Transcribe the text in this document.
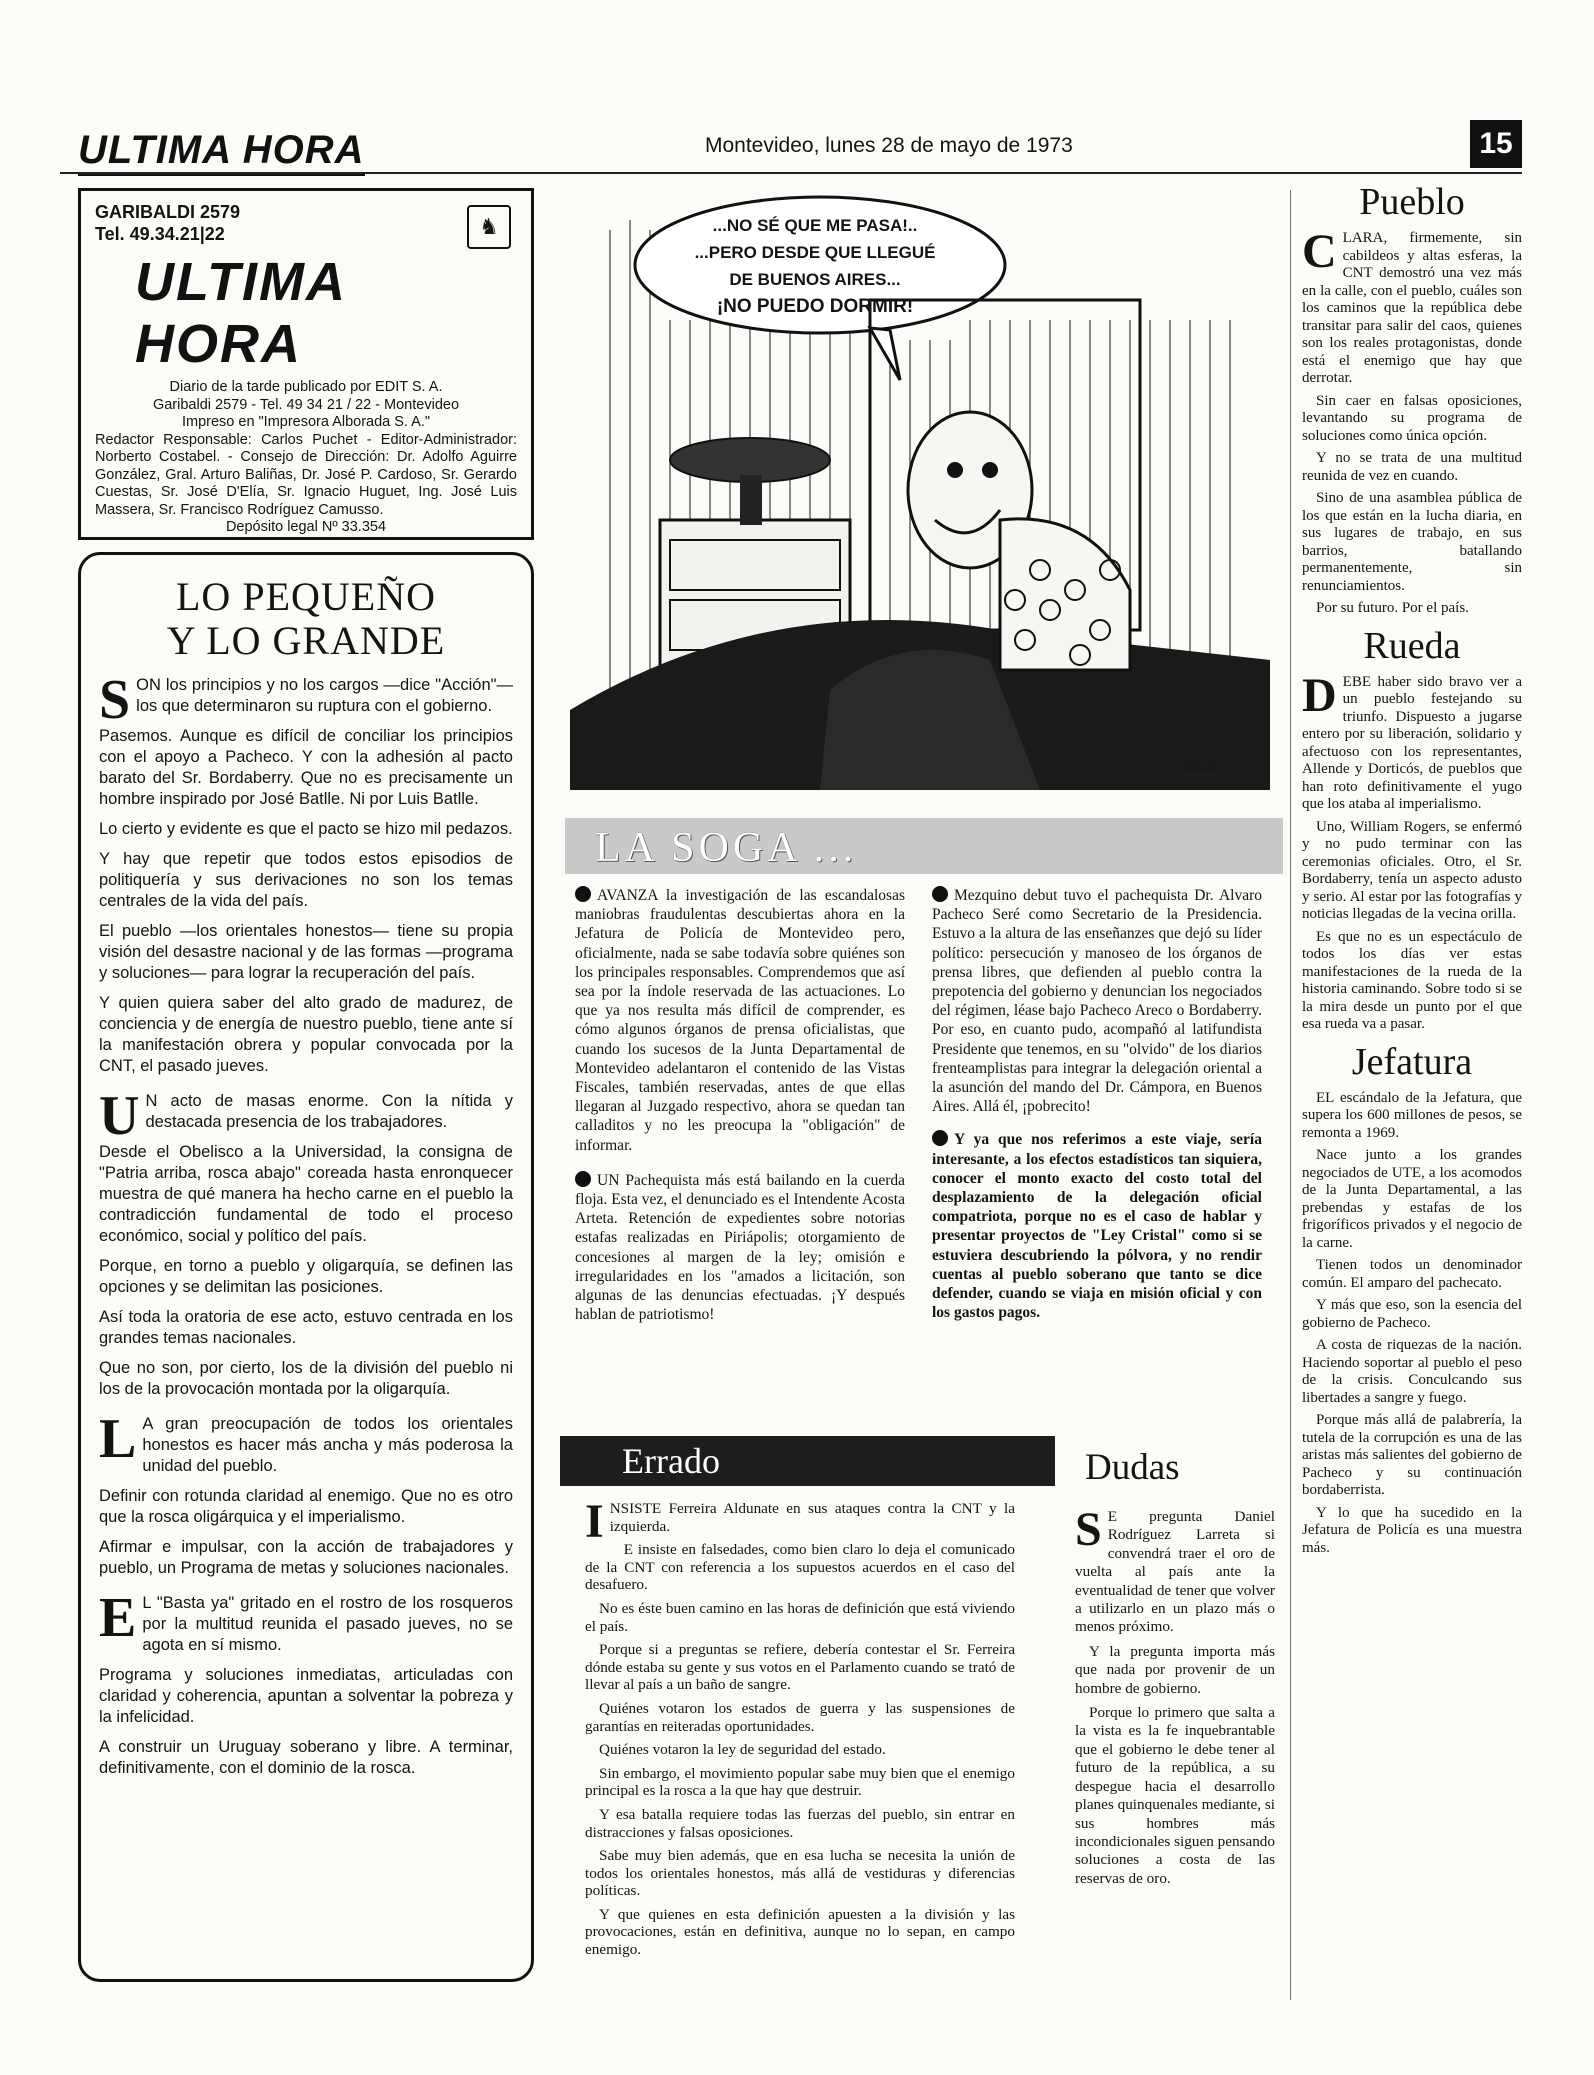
ULTIMA HORA	Montevideo, lunes 28 de mayo de 1973	15
GARIBALDI 2579
Tel. 49.34.21|22	♞
ULTIMA HORA
Diario de la tarde publicado por EDIT S. A.
Garibaldi 2579 - Tel. 49 34 21 / 22 - Montevideo
Impreso en "Impresora Alborada S. A."
Redactor Responsable: Carlos Puchet - Editor-Administrador: Norberto Costabel. - Consejo de Dirección: Dr. Adolfo Aguirre González, Gral. Arturo Baliñas, Dr. José P. Cardoso, Sr. Gerardo Cuestas, Sr. José D'Elía, Sr. Ignacio Huguet, Ing. José Luis Massera, Sr. Francisco Rodríguez Camusso.
Depósito legal Nº 33.354
LO PEQUEÑO
Y LO GRANDE

SON los principios y no los cargos —dice "Acción"— los que determinaron su ruptura con el gobierno.

Pasemos. Aunque es difícil de conciliar los principios con el apoyo a Pacheco. Y con la adhesión al pacto barato del Sr. Bordaberry. Que no es precisamente un hombre inspirado por José Batlle. Ni por Luis Batlle.

Lo cierto y evidente es que el pacto se hizo mil pedazos.

Y hay que repetir que todos estos episodios de politiquería y sus derivaciones no son los temas centrales de la vida del país.

El pueblo —los orientales honestos— tiene su propia visión del desastre nacional y de las formas —programa y soluciones— para lograr la recuperación del país.

Y quien quiera saber del alto grado de madurez, de conciencia y de energía de nuestro pueblo, tiene ante sí la manifestación obrera y popular convocada por la CNT, el pasado jueves.

U N acto de masas enorme. Con la nítida y destacada presencia de los trabajadores.

Desde el Obelisco a la Universidad, la consigna de "Patria arriba, rosca abajo" coreada hasta enronquecer muestra de qué manera ha hecho carne en el pueblo la contradicción fundamental de todo el proceso económico, social y político del país.

Porque, en torno a pueblo y oligarquía, se definen las opciones y se delimitan las posiciones.

Así toda la oratoria de ese acto, estuvo centrada en los grandes temas nacionales.

Que no son, por cierto, los de la división del pueblo ni los de la provocación montada por la oligarquía.

L A gran preocupación de todos los orientales honestos es hacer más ancha y más poderosa la unidad del pueblo.

Definir con rotunda claridad al enemigo. Que no es otro que la rosca oligárquica y el imperialismo.

Afirmar e impulsar, con la acción de trabajadores y pueblo, un Programa de metas y soluciones nacionales.

E L "Basta ya" gritado en el rostro de los rosqueros por la multitud reunida el pasado jueves, no se agota en sí mismo.

Programa y soluciones inmediatas, articuladas con claridad y coherencia, apuntan a solventar la pobreza y la infelicidad.

A construir un Uruguay soberano y libre. A terminar, definitivamente, con el dominio de la rosca.

...NO SÉ QUE ME PASA!..
...PERO DESDE QUE LLEGUÉ
DE BUENOS AIRES...
¡NO PUEDO DORMIR!
SIGOLÍ
LA SOGA ...

AVANZA la investigación de las escandalosas maniobras fraudulentas descubiertas ahora en la Jefatura de Policía de Montevideo pero, oficialmente, nada se sabe todavía sobre quiénes son los principales responsables. Comprendemos que así sea por la índole reservada de las actuaciones. Lo que ya nos resulta más difícil de comprender, es cómo algunos órganos de prensa oficialistas, que cuando los sucesos de la Junta Departamental de Montevideo adelantaron el contenido de las Vistas Fiscales, también reservadas, antes de que ellas llegaran al Juzgado respectivo, ahora se quedan tan calladitos y no les preocupa la "obligación" de informar.

UN Pachequista más está bailando en la cuerda floja. Esta vez, el denunciado es el Intendente Acosta Arteta. Retención de expedientes sobre notorias estafas realizadas en Piriápolis; otorgamiento de concesiones al margen de la ley; omisión e irregularidades en los "amados a licitación, son algunas de las denuncias efectuadas. ¡Y después hablan de patriotismo!

Mezquino debut tuvo el pachequista Dr. Alvaro Pacheco Seré como Secretario de la Presidencia. Estuvo a la altura de las enseñanzes que dejó su líder político: persecución y manoseo de los órganos de prensa libres, que defienden al pueblo contra la prepotencia del gobierno y denuncian los negociados del régimen, léase bajo Pacheco Areco o Bordaberry. Por eso, en cuanto pudo, acompañó al latifundista Presidente que tenemos, en su "olvido" de los diarios frenteamplistas para integrar la delegación oriental a la asunción del mando del Dr. Cámpora, en Buenos Aires. Allá él, ¡pobrecito!

Y ya que nos referimos a este viaje, sería interesante, a los efectos estadísticos tan siquiera, conocer el monto exacto del costo total del desplazamiento de la delegación oficial compatriota, porque no es el caso de hablar y presentar proyectos de "Ley Cristal" como si se estuviera descubriendo la pólvora, y no rendir cuentas al pueblo soberano que tanto se dice defender, cuando se viaja en misión oficial y con los gastos pagos.

Errado

INSISTE Ferreira Aldunate en sus ataques contra la CNT y la izquierda.

E insiste en falsedades, como bien claro lo deja el comunicado de la CNT con referencia a los supuestos acuerdos en el caso del desafuero.

No es éste buen camino en las horas de definición que está viviendo el país.

Porque si a preguntas se refiere, debería contestar el Sr. Ferreira dónde estaba su gente y sus votos en el Parlamento cuando se trató de llevar al país a un baño de sangre.

Quiénes votaron los estados de guerra y las suspensiones de garantías en reiteradas oportunidades.

Quiénes votaron la ley de seguridad del estado.

Sin embargo, el movimiento popular sabe muy bien que el enemigo principal es la rosca a la que hay que destruir.

Y esa batalla requiere todas las fuerzas del pueblo, sin entrar en distracciones y falsas oposiciones.

Sabe muy bien además, que en esa lucha se necesita la unión de todos los orientales honestos, más allá de vestiduras y diferencias políticas.

Y que quienes en esta definición apuesten a la división y las provocaciones, están en definitiva, aunque no lo sepan, en campo enemigo.

Dudas

S E pregunta Daniel Rodríguez Larreta si convendrá traer el oro de vuelta al país ante la eventualidad de tener que volver a utilizarlo en un plazo más o menos próximo.

Y la pregunta importa más que nada por provenir de un hombre de gobierno.

Porque lo primero que salta a la vista es la fe inquebrantable que el gobierno le debe tener al futuro de la república, a su despegue hacia el desarrollo planes quinquenales mediante, si sus hombres más incondicionales siguen pensando soluciones a costa de las reservas de oro.

Pueblo

CLARA, firmemente, sin cabildeos y altas esferas, la CNT demostró una vez más en la calle, con el pueblo, cuáles son los caminos que la república debe transitar para salir del caos, quienes son los reales protagonistas, donde está el enemigo que hay que derrotar.

Sin caer en falsas oposiciones, levantando su programa de soluciones como única opción.

Y no se trata de una multitud reunida de vez en cuando.

Sino de una asamblea pública de los que están en la lucha diaria, en sus lugares de trabajo, en sus barrios, batallando permanentemente, sin renunciamientos.

Por su futuro. Por el país.

Rueda

DEBE haber sido bravo ver a un pueblo festejando su triunfo. Dispuesto a jugarse entero por su liberación, solidario y afectuoso con los representantes, Allende y Dorticós, de pueblos que han roto definitivamente el yugo que los ataba al imperialismo.

Uno, William Rogers, se enfermó y no pudo terminar con las ceremonias oficiales. Otro, el Sr. Bordaberry, tenía un aspecto adusto y serio. Al estar por las fotografías y noticias llegadas de la vecina orilla.

Es que no es un espectáculo de todos los días ver estas manifestaciones de la rueda de la historia caminando. Sobre todo si se la mira desde un punto por el que esa rueda va a pasar.

Jefatura

EL escándalo de la Jefatura, que supera los 600 millones de pesos, se remonta a 1969.

Nace junto a los grandes negociados de UTE, a los acomodos de la Junta Departamental, a las prebendas y estafas de los frigoríficos privados y el negocio de la carne.

Tienen todos un denominador común. El amparo del pachecato.

Y más que eso, son la esencia del gobierno de Pacheco.

A costa de riquezas de la nación. Haciendo soportar al pueblo el peso de la crisis. Conculcando sus libertades a sangre y fuego.

Porque más allá de palabrería, la tutela de la corrupción es una de las aristas más salientes del gobierno de Pacheco y su continuación bordaberrista.

Y lo que ha sucedido en la Jefatura de Policía es una muestra más.
